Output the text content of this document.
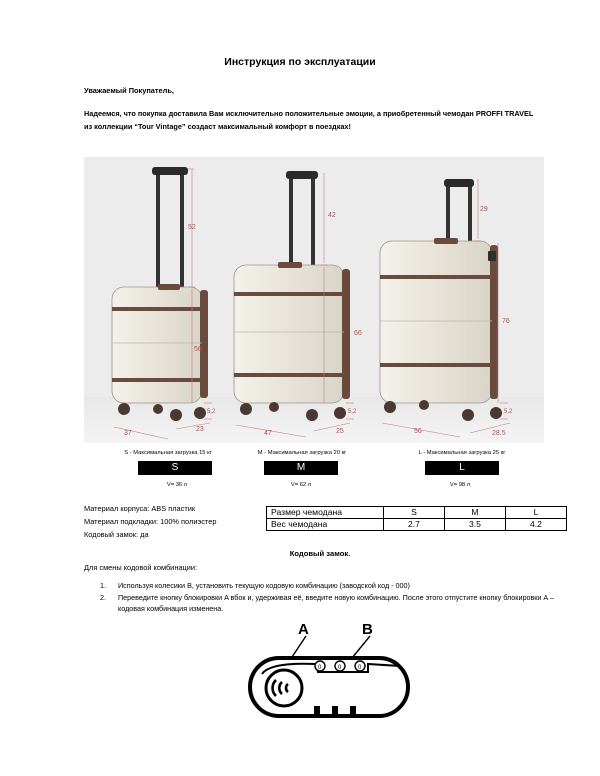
Инструкция по эксплуатации
Уважаемый Покупатель,
Надеемся, что покупка доставила Вам исключительно положительные эмоции, а приобретенный чемодан PROFFI TRAVEL
из коллекции “Tour Vintage” создаст максимальный комфорт в поездках!
52
56
37
23
5,2
42
66
47	25
5,2
29
76
56	28.5
5,2
S - Максимальная загрузка 15 кг	M - Максимальная загрузка 20 кг	L - Максимальная загрузка 25 кг
S	M	L
V= 36 л	V= 62 л	V= 98 л
Материал корпуса: ABS пластик
Материал подкладки: 100% полиэстер
Кодовый замок: да
Размер чемодана	S	M	L
Вес чемодана	2.7	3.5	4.2
Кодовый замок.
Для смены кодовой комбинации:
1. Используя колесики B, установить текущую кодовую комбинацию (заводской код - 000)
2. Переведите кнопку блокировки A вбок и, удерживая её, введите новую комбинацию. После этого отпустите кнопку блокировки A – кодовая комбинация изменена.
A	B
0	0	0
